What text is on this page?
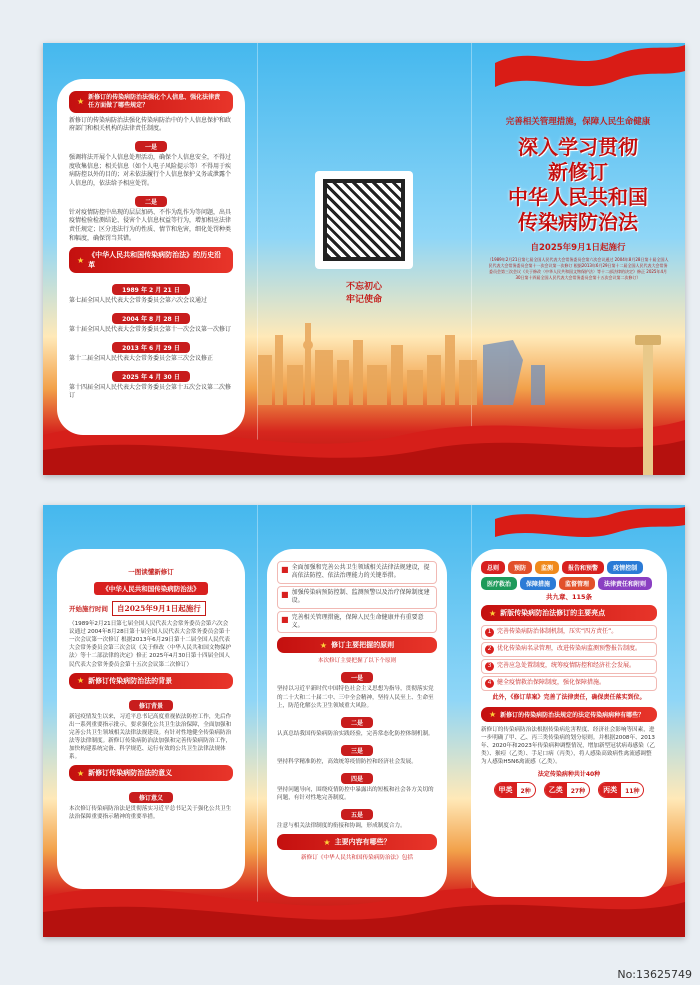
★ 新修订的传染病防治法强化个人信息、强化法律责任方面做了哪些规定？
新修订的传染病防治法强化传染病防治中的个人信息保护和政府部门和相关机构的法律责任制度。
一是
强调将法开展个人信息处理活动，确保个人信息安全，不得过度收集信息；相关信息（如个人电子风险提示等）不得用于疾病防控以外的目的；对未依法履行个人信息保护义务或泄露个人信息的，依法给予相应处罚。
二是
针对疫情防控中出现的层层加码、不作为乱作为等问题，出具疫情检验检测结论、侵害个人信息权益等行为，增加相应法律责任规定；区分违法行为的性质、情节和危害，细化处罚种类和幅度，确保罚当其错。
★
《中华人民共和国传染病防治法》的历史沿革
1989 年 2 月 21 日
第七届全国人民代表大会常务委员会第六次会议通过
2004 年 8 月 28 日
第十届全国人民代表大会常务委员会第十一次会议第一次修订
2013 年 6 月 29 日
第十二届全国人民代表大会常务委员会第三次会议修正
2025 年 4 月 30 日
第十四届全国人民代表大会常务委员会第十五次会议第二次修订
不忘初心
牢记使命
完善相关管理措施，保障人民生命健康
深入学习贯彻
新修订
中华人民共和国
传染病防治法
自2025年9月1日起施行
（1989年2月21日第七届全国人民代表大会常务委员会第六次会议通过 2004年8月28日第十届全国人民代表大会常务委员会第十一次会议第一次修订 根据2013年6月29日第十二届全国人民代表大会常务委员会第三次会议《关于修改〈中华人民共和国文物保护法〉等十二部法律的决定》修正 2025年4月30日第十四届全国人民代表大会常务委员会第十五次会议第二次修订）
一图读懂新修订
《中华人民共和国传染病防治法》
开始施行时间	自2025年9月1日起施行
（1989年2月21日第七届全国人民代表大会常务委员会第六次会议通过 2004年8月28日第十届全国人民代表大会常务委员会第十一次会议第一次修订 根据2013年6月29日第十二届全国人民代表大会常务委员会第三次会议《关于修改〈中华人民共和国文物保护法〉等十二部法律的决定》修正 2025年4月30日第十四届全国人民代表大会常务委员会第十五次会议第二次修订）
★ 新修订传染病防治法的背景
修订背景
新冠疫情发生以来，习近平总书记高度重视依法防控工作，先后作出一系列重要指示批示，要求强化公共卫生法治保障，全面加强和完善公共卫生领域相关法律法规建设。有针对性地健全传染病防治法等法律制度。新修订传染病防治法加强和完善传染病防治工作，加快构建系统完备、科学规范、运行有效的公共卫生法律法规体系。
★ 新修订传染病防治法的意义
修订意义
本次修订传染病防治法是贯彻落实习近平总书记关于强化公共卫生法治保障重要指示精神的重要举措。
■ 全面加强和完善公共卫生领域相关法律法规建设，提高依法防控、依法治理能力的关键举措。
■ 加强传染病预防控制、监测预警以及治疗保障制度建设。
■ 完善相关管理措施，保障人民生命健康并有重要意义。
★ 修订主要把握的原则
本次修订主要把握了以下个原则
一是
坚持以习近平新时代中国特色社会主义思想为指导，贯彻落实党的二十大和二十届二中、三中全会精神，坚持人民至上、生命至上，防范化解公共卫生领域重大风险。
二是
认真总结我国传染病防治实践经验，完善常态化防控体制机制。
三是
坚持科学精准防控，高效统筹疫情防控和经济社会发展。
四是
坚持问题导向，围绕疫情防控中暴露出的短板和社会各方关切的问题，有针对性地完善制度。
五是
注意与相关法律制度的衔接和协调，形成制度合力。
★ 主要内容有哪些？
新修订《中华人民共和国传染病防治法》包括
总则	预防	监测	报告和预警	疫情控制
医疗救治	保障措施	监督管理	法律责任和附则
共九章、115条
★ 新版传染病防治法修订的主要亮点
1 完善传染病防治体制机制，压实“四方责任”。
2 优化传染病名录管理，改进传染病监测预警报告制度。
3 完善应急处置制度，统筹疫情防控和经济社会发展。
4 健全疫情救治保障制度，强化保障措施。
此外，《修订草案》完善了法律责任，确保责任落实到位。
★ 新修订的传染病防治法规定的法定传染病病种有哪些？
新修订的传染病防治法根据传染病危害程度、经济社会影响等因素，进一步明确了甲、乙、丙三类传染病的划分原则。并根据2008年、2013年、2020年和2023年传染病种调整情况，增加新型冠状病毒感染（乙类）、猴痘（乙类）、手足口病（丙类），将人感染高致病性禽流感调整为人感染H5N6禽流感（乙类）。
法定传染病种共计40种
甲类	2种	乙类	27种	丙类	11种
No:13625749
